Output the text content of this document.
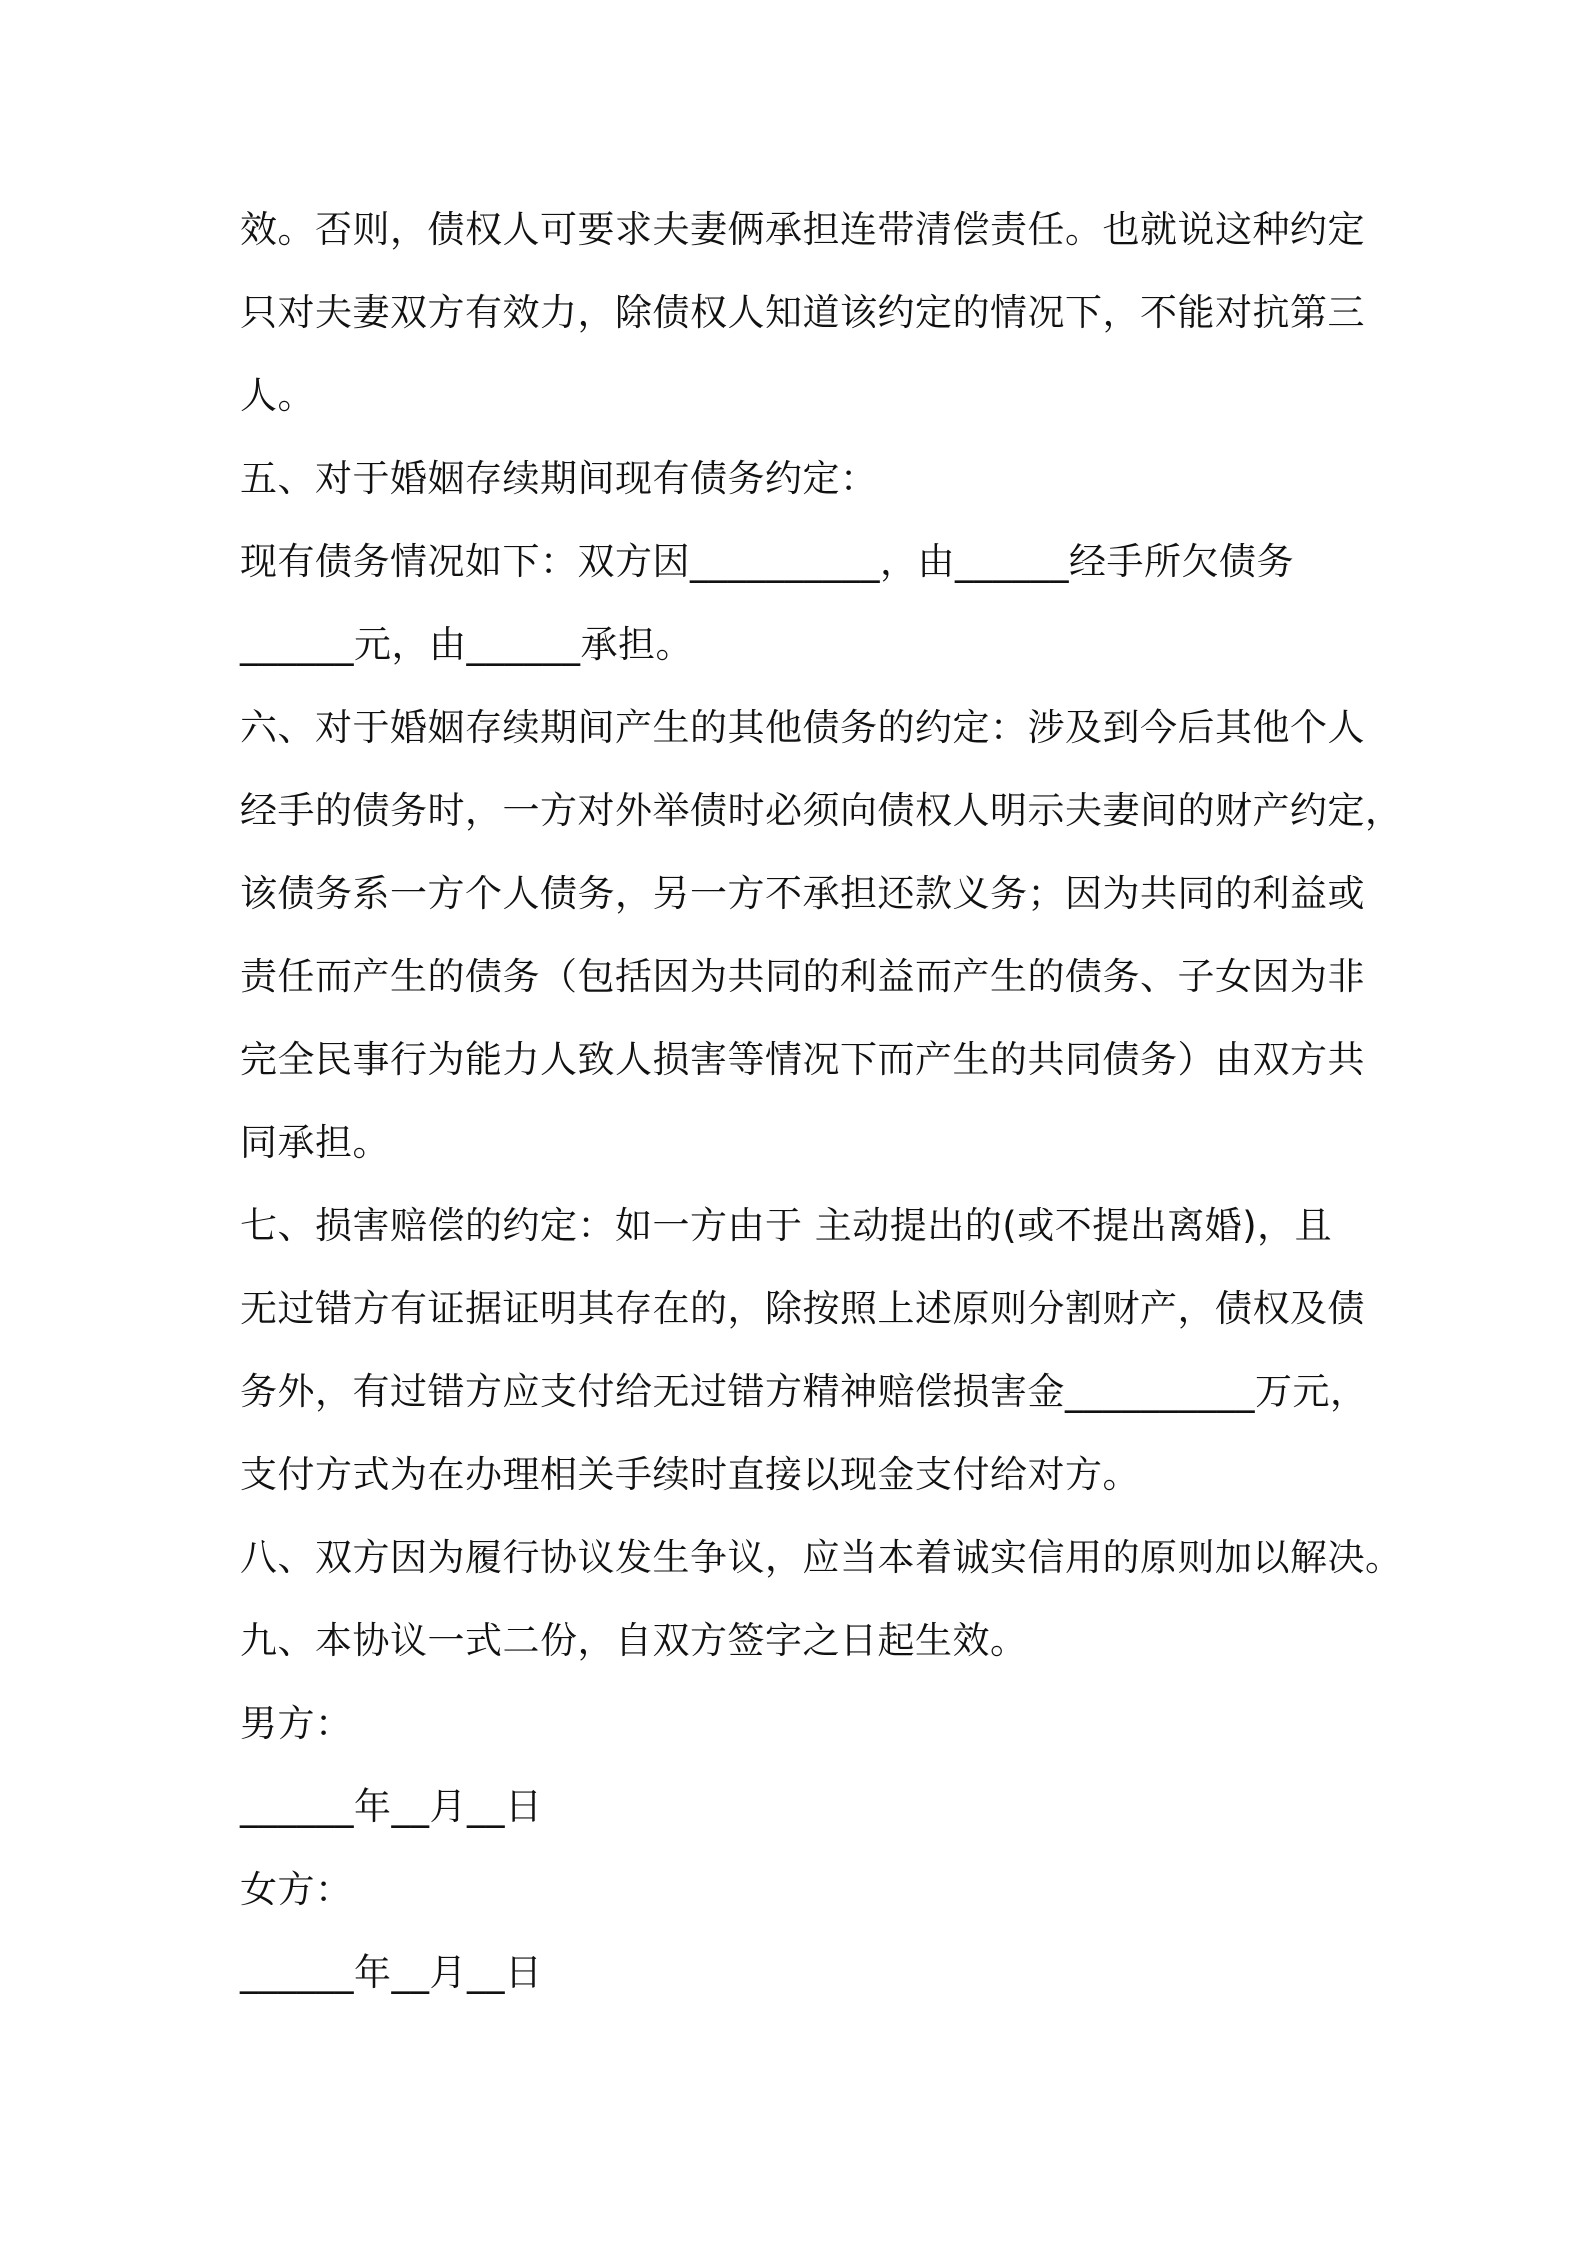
效。否则，债权人可要求夫妻俩承担连带清偿责任。也就说这种约定
只对夫妻双方有效力，除债权人知道该约定的情况下，不能对抗第三
人。
五、对于婚姻存续期间现有债务约定：
现有债务情况如下：双方因__________，由______经手所欠债务
______元，由______承担。
六、对于婚姻存续期间产生的其他债务的约定：涉及到今后其他个人
经手的债务时，一方对外举债时必须向债权人明示夫妻间的财产约定，
该债务系一方个人债务，另一方不承担还款义务；因为共同的利益或
责任而产生的债务（包括因为共同的利益而产生的债务、子女因为非
完全民事行为能力人致人损害等情况下而产生的共同债务）由双方共
同承担。
七、损害赔偿的约定：如一方由于 主动提出的(或不提出离婚)，且
无过错方有证据证明其存在的，除按照上述原则分割财产，债权及债
务外，有过错方应支付给无过错方精神赔偿损害金__________万元，
支付方式为在办理相关手续时直接以现金支付给对方。
八、双方因为履行协议发生争议，应当本着诚实信用的原则加以解决。
九、本协议一式二份，自双方签字之日起生效。
男方：
______年__月__日
女方：
______年__月__日
